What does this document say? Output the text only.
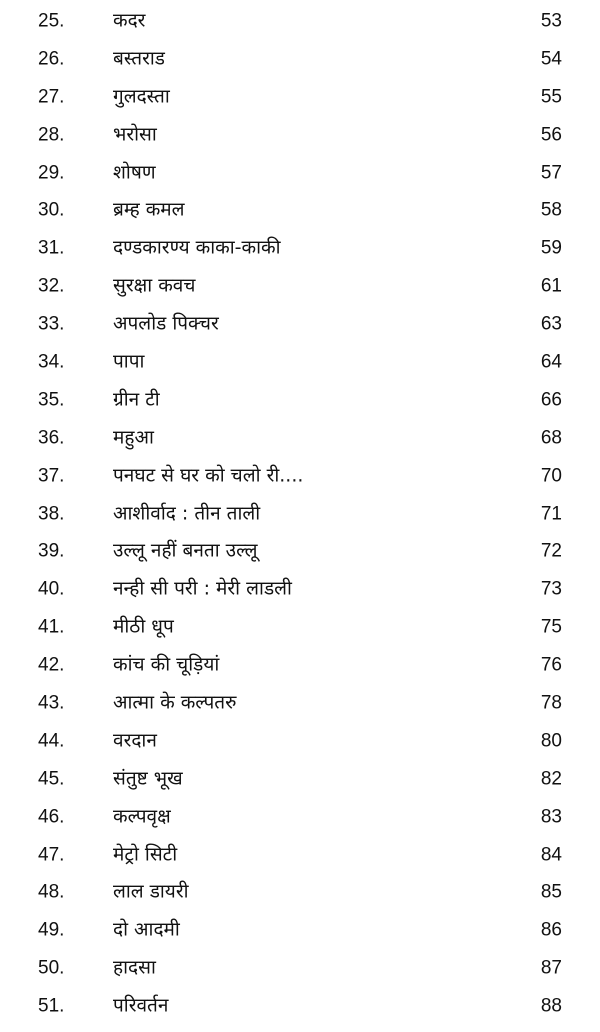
25.	कदर	53
26.	बस्तराड	54
27.	गुलदस्ता	55
28.	भरोसा	56
29.	शोषण	57
30.	ब्रम्ह कमल	58
31.	दण्डकारण्य काका-काकी	59
32.	सुरक्षा कवच	61
33.	अपलोड पिक्चर	63
34.	पापा	64
35.	ग्रीन टी	66
36.	महुआ	68
37.	पनघट से घर को चलो री....	70
38.	आशीर्वाद : तीन ताली	71
39.	उल्लू नहीं बनता उल्लू	72
40.	नन्ही सी परी : मेरी लाडली	73
41.	मीठी धूप	75
42.	कांच की चूड़ियां	76
43.	आत्मा के कल्पतरु	78
44.	वरदान	80
45.	संतुष्ट भूख	82
46.	कल्पवृक्ष	83
47.	मेट्रो सिटी	84
48.	लाल डायरी	85
49.	दो आदमी	86
50.	हादसा	87
51.	परिवर्तन	88
